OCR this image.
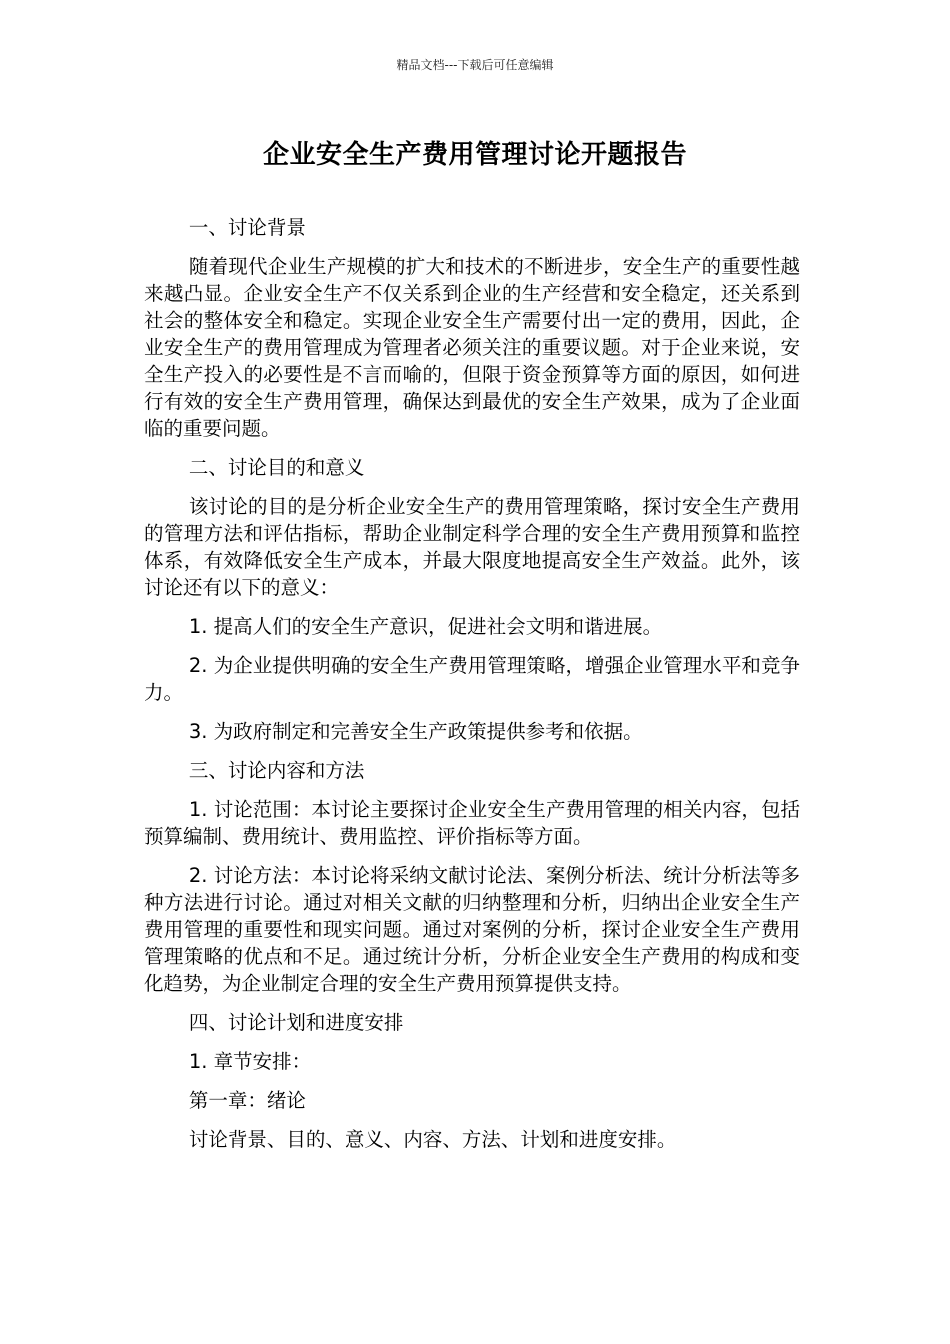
精品文档---下载后可任意编辑
企业安全生产费用管理讨论开题报告

一、讨论背景

随着现代企业生产规模的扩大和技术的不断进步，安全生产的重要性越来越凸显。企业安全生产不仅关系到企业的生产经营和安全稳定，还关系到社会的整体安全和稳定。实现企业安全生产需要付出一定的费用，因此，企业安全生产的费用管理成为管理者必须关注的重要议题。对于企业来说，安全生产投入的必要性是不言而喻的，但限于资金预算等方面的原因，如何进行有效的安全生产费用管理，确保达到最优的安全生产效果，成为了企业面临的重要问题。

二、讨论目的和意义

该讨论的目的是分析企业安全生产的费用管理策略，探讨安全生产费用的管理方法和评估指标，帮助企业制定科学合理的安全生产费用预算和监控体系，有效降低安全生产成本，并最大限度地提高安全生产效益。此外，该讨论还有以下的意义：

1. 提高人们的安全生产意识，促进社会文明和谐进展。

2. 为企业提供明确的安全生产费用管理策略，增强企业管理水平和竞争力。

3. 为政府制定和完善安全生产政策提供参考和依据。

三、讨论内容和方法

1. 讨论范围：本讨论主要探讨企业安全生产费用管理的相关内容，包括预算编制、费用统计、费用监控、评价指标等方面。

2. 讨论方法：本讨论将采纳文献讨论法、案例分析法、统计分析法等多种方法进行讨论。通过对相关文献的归纳整理和分析，归纳出企业安全生产费用管理的重要性和现实问题。通过对案例的分析，探讨企业安全生产费用管理策略的优点和不足。通过统计分析，分析企业安全生产费用的构成和变化趋势，为企业制定合理的安全生产费用预算提供支持。

四、讨论计划和进度安排

1. 章节安排：

第一章：绪论

讨论背景、目的、意义、内容、方法、计划和进度安排。
